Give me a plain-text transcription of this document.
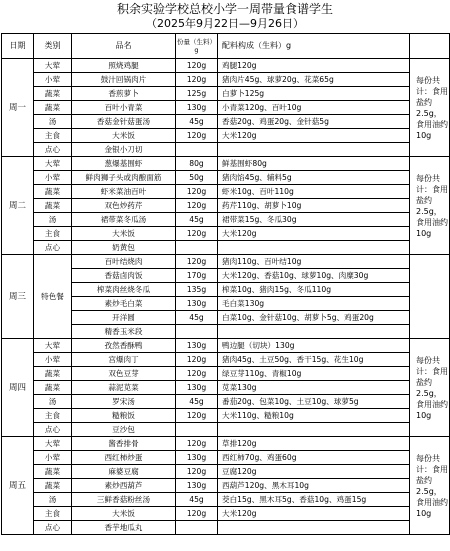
积余实验学校总校小学一周带量食谱学生
（2025年9月22日—9月26日）
日期	类别	品名	份量（生料）g	配料构成（生料）g	
周一	大荤	照烧鸡腿	120g	鸡腿120g	每份共计：食用盐约2.5g，食用油约10g
	小荤	鼓汁回锅肉片	120g	猪肉片45g、球萝20g、花菜65g	
	蔬菜	香煎萝卜	125g	白萝卜125g	
	蔬菜	百叶小青菜	130g	小青菜120g、百叶10g	
	汤	香菇金针菇蛋汤	45g	香菇20g、鸡蛋20g、金针菇5g	
	主食	大米饭	120g	大米120g	
	点心	金银小刀切			
周二	大荤	葱爆基围虾	80g	鲜基围虾80g	每份共计：食用盐约2.5g，食用油约10g
	小荤	鲜肉狮子头或肉酿面筋	50g	猪肉馅45g、辅料5g	
	蔬菜	虾米菜油百叶	120g	虾米10g、百叶110g	
	蔬菜	双色炒药芹	120g	药芹110g、胡萝卜10g	
	汤	裙带菜冬瓜汤	45g	裙带菜15g、冬瓜30g	
	主食	大米饭	120g	大米120g	
	点心	奶黄包			
周三	特色餐	百叶结烧肉	120g	猪肉110g、百叶结10g	
		香菇卤肉饭	170g	大米120g、香菇10g、球萝10g、肉糜30g	
		榨菜肉丝烧冬瓜	135g	榨菜10g、猪肉15g、冬瓜110g	
		素炒毛白菜	130g	毛白菜130g	
		开洋圆	45g	白菜10g、金针菇10g、胡萝卜5g、鸡蛋20g	
		精香玉米段			
周四	大荤	孜然香酥鸭	130g	鸭边腿（切块）130g	每份共计：食用盐约2.5g，食用油约10g
	小荤	宫爆肉丁	120g	猪肉45g、土豆50g、香干15g、花生10g	
	蔬菜	双色豆芽	120g	绿豆芽110g、青椒10g	
	蔬菜	蒜泥苋菜	130g	苋菜130g	
	汤	罗宋汤	45g	番茄20g、包菜10g、土豆10g、球萝5g	
	主食	糙粮饭	120g	大米110g、糙粮10g	
	点心	豆沙包			
周五	大荤	酱香排骨	120g	草排120g	每份共计：食用盐约2.5g，食用油约10g
	小荤	西红柿炒蛋	130g	西红柿70g、鸡蛋60g	
	蔬菜	麻婆豆腐	120g	豆腐120g	
	蔬菜	素炒西葫芦	130g	西葫芦120g、黑木耳10g	
	汤	三鲜香菇粉丝汤	45g	茭白15g、黑木耳5g、香菇10g、鸡蛋15g	
	主食	大米饭	120g	大米120g	
	点心	香芋地瓜丸			
